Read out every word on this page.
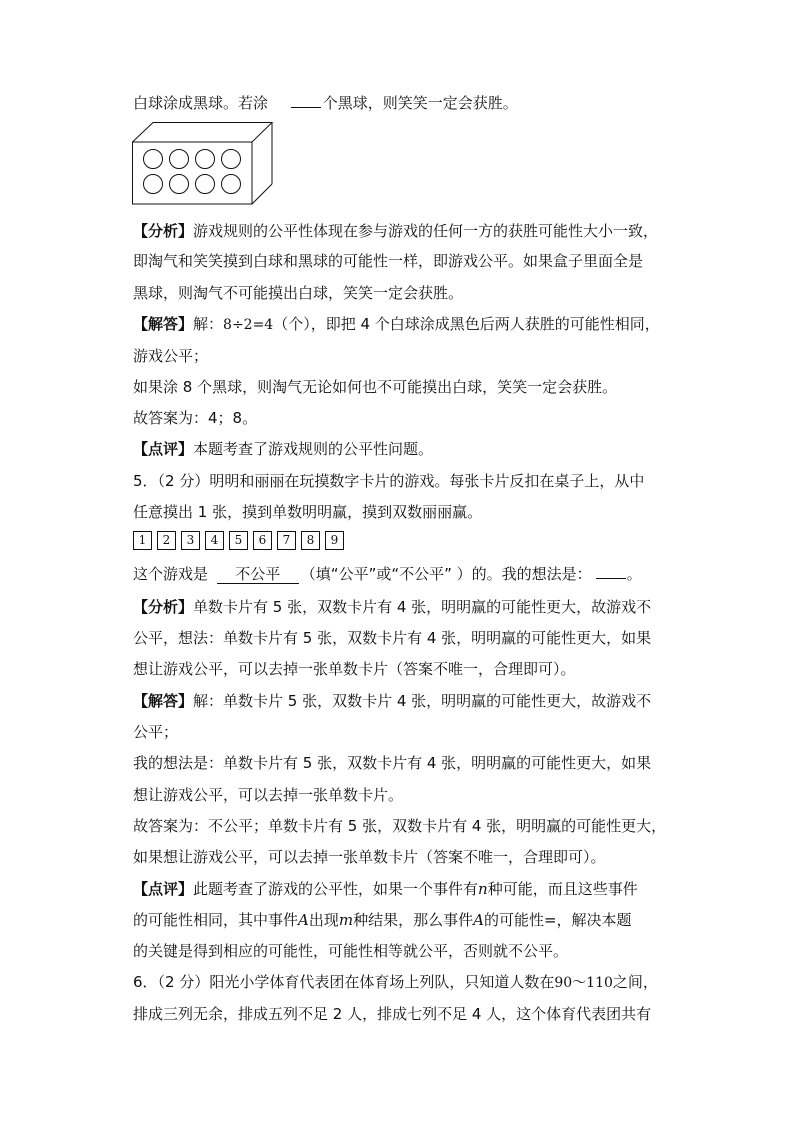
白球涂成黑球。若涂	个黑球，则笑笑一定会获胜。
【分析】游戏规则的公平性体现在参与游戏的任何一方的获胜可能性大小一致，
即淘气和笑笑摸到白球和黑球的可能性一样，即游戏公平。如果盒子里面全是
黑球，则淘气不可能摸出白球，笑笑一定会获胜。
【解答】解：8÷2=4（个），即把 4 个白球涂成黑色后两人获胜的可能性相同，
游戏公平；
如果涂 8 个黑球，则淘气无论如何也不可能摸出白球，笑笑一定会获胜。
故答案为：4；8。
【点评】本题考查了游戏规则的公平性问题。
5．（2 分）明明和丽丽在玩摸数字卡片的游戏。每张卡片反扣在桌子上，从中
任意摸出 1 张，摸到单数明明赢，摸到双数丽丽赢。
1	2	3	4	5	6	7	8	9
这个游戏是 不公平 （填“公平”或“不公平” ）的。我的想法是： 。
【分析】单数卡片有 5 张，双数卡片有 4 张，明明赢的可能性更大，故游戏不
公平，想法：单数卡片有 5 张，双数卡片有 4 张，明明赢的可能性更大，如果
想让游戏公平，可以去掉一张单数卡片（答案不唯一，合理即可）。
【解答】解：单数卡片 5 张，双数卡片 4 张，明明赢的可能性更大，故游戏不
公平；
我的想法是：单数卡片有 5 张，双数卡片有 4 张，明明赢的可能性更大，如果
想让游戏公平，可以去掉一张单数卡片。
故答案为：不公平；单数卡片有 5 张，双数卡片有 4 张，明明赢的可能性更大，
如果想让游戏公平，可以去掉一张单数卡片（答案不唯一，合理即可）。
【点评】此题考查了游戏的公平性，如果一个事件有n种可能，而且这些事件
的可能性相同，其中事件A出现m种结果，那么事件A的可能性=，解决本题
的关键是得到相应的可能性，可能性相等就公平，否则就不公平。
6．（2 分）阳光小学体育代表团在体育场上列队，只知道人数在90～110之间，
排成三列无余，排成五列不足 2 人，排成七列不足 4 人，这个体育代表团共有
